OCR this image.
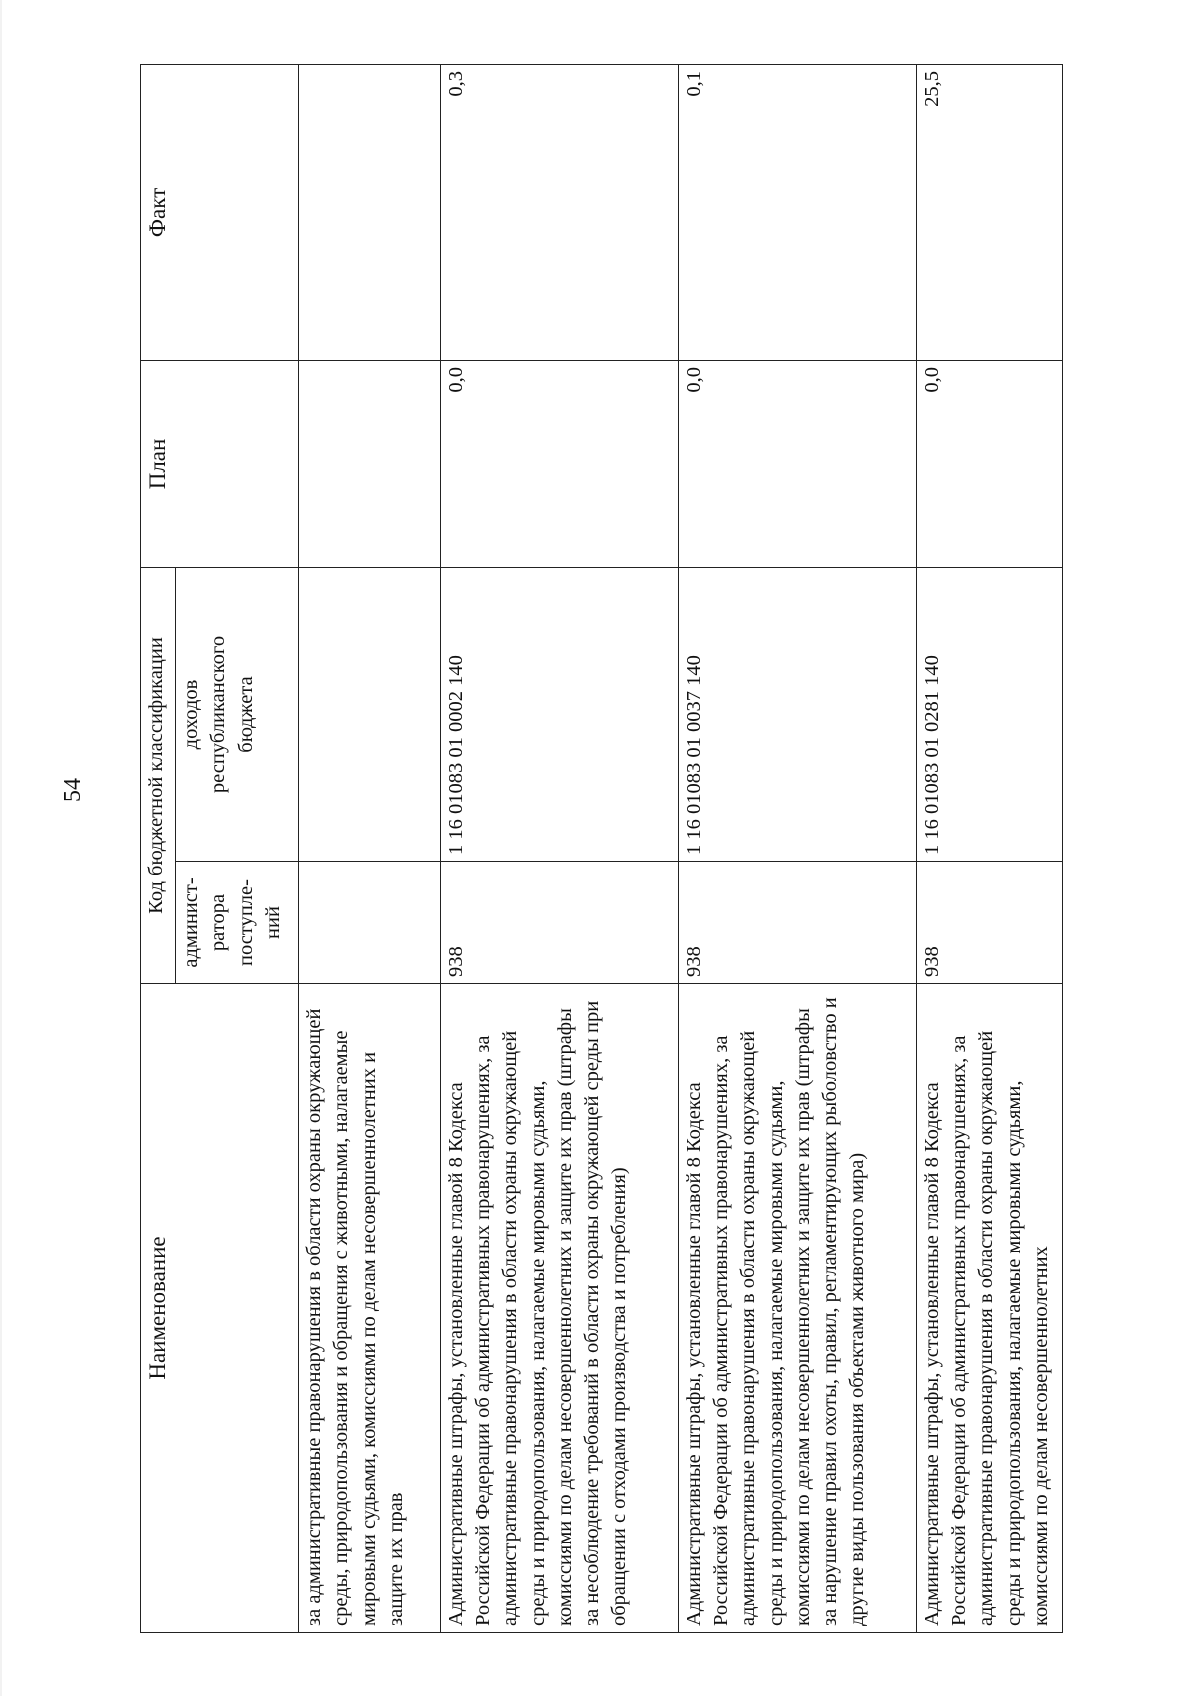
54
Наименование	Код бюджетной классификации		План	Факт
	админист- ратора поступле- ний	доходов республиканского бюджета		
за административные правонарушения в области охраны окружающей среды, природопользования и обращения с животными, налагаемые мировыми судьями, комиссиями по делам несовершеннолетних и защите их прав				
Административные штрафы, установленные главой 8 Кодекса Российской Федерации об административных правонарушениях, за административные правонарушения в области охраны окружающей среды и природопользования, налагаемые мировыми судьями, комиссиями по делам несовершеннолетних и защите их прав (штрафы за несоблюдение требований в области охраны окружающей среды при обращении с отходами производства и потребления)	938	1 16 01083 01 0002 140	0,0	0,3
Административные штрафы, установленные главой 8 Кодекса Российской Федерации об административных правонарушениях, за административные правонарушения в области охраны окружающей среды и природопользования, налагаемые мировыми судьями, комиссиями по делам несовершеннолетних и защите их прав (штрафы за нарушение правил охоты, правил, регламентирующих рыболовство и другие виды пользования объектами животного мира)	938	1 16 01083 01 0037 140	0,0	0,1
Административные штрафы, установленные главой 8 Кодекса Российской Федерации об административных правонарушениях, за административные правонарушения в области охраны окружающей среды и природопользования, налагаемые мировыми судьями, комиссиями по делам несовершеннолетних	938	1 16 01083 01 0281 140	0,0	25,5
